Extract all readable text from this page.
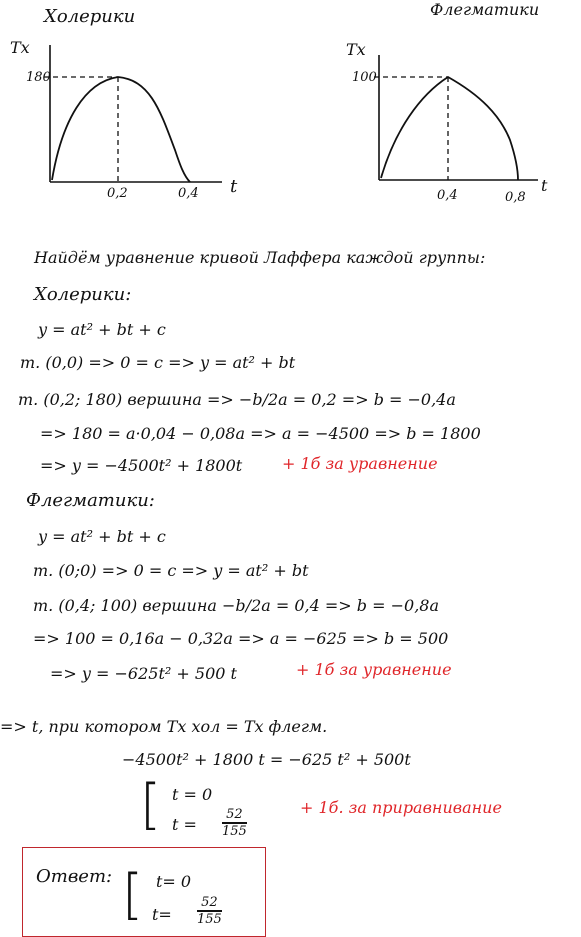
Холерики
Tx
180
0,2	0,4 t
Флегматики
Tx
100
0,4	0,8
t
Найдём уравнение кривой Лаффера каждой группы:
Холерики:
y = at² + bt + c
т. (0,0) => 0 = c => y = at² + bt
т. (0,2; 180) вершина => −b/2a = 0,2 => b = −0,4a
=> 180 = a·0,04 − 0,08a => a = −4500 => b = 1800
=> y = −4500t² + 1800t + 1б за уравнение
Флегматики:
y = at² + bt + c
т. (0;0) => 0 = c => y = at² + bt
т. (0,4; 100) вершина −b/2a = 0,4 => b = −0,8a
=> 100 = 0,16a − 0,32a => a = −625 => b = 500
=> y = −625t² + 500 t	+ 1б за уравнение
=> t, при котором Tх хол = Tх флегм.
−4500t² + 1800 t = −625 t² + 500t
[ t = 0
t =
52
155
+ 1б. за приравнивание
Ответ: [ t= 0
t=
52
155
